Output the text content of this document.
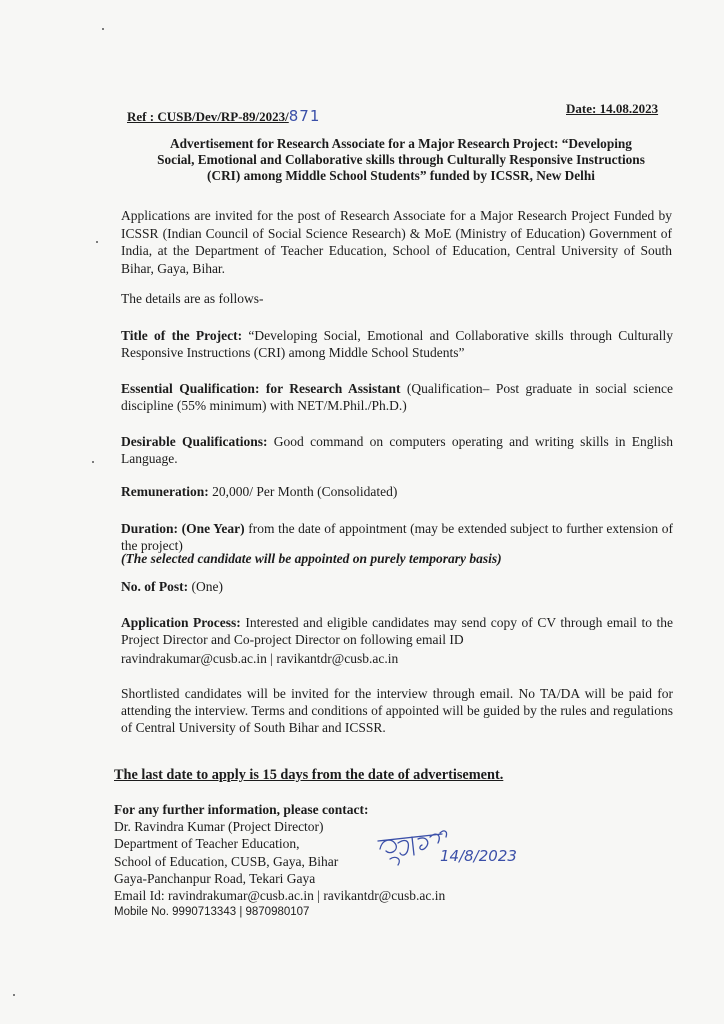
Ref : CUSB/Dev/RP-89/2023/871	Date: 14.08.2023
Advertisement for Research Associate for a Major Research Project: “Developing
Social, Emotional and Collaborative skills through Culturally Responsive Instructions
(CRI) among Middle School Students” funded by ICSSR, New Delhi
Applications are invited for the post of Research Associate for a Major Research Project Funded by ICSSR (Indian Council of Social Science Research) & MoE (Ministry of Education) Government of India, at the Department of Teacher Education, School of Education, Central University of South Bihar, Gaya, Bihar.
The details are as follows-
Title of the Project: “Developing Social, Emotional and Collaborative skills through Culturally Responsive Instructions (CRI) among Middle School Students”
Essential Qualification: for Research Assistant (Qualification– Post graduate in social science discipline (55% minimum) with NET/M.Phil./Ph.D.)
Desirable Qualifications: Good command on computers operating and writing skills in English Language.
Remuneration: 20,000/ Per Month (Consolidated)
Duration: (One Year) from the date of appointment (may be extended subject to further extension of the project)
(The selected candidate will be appointed on purely temporary basis)
No. of Post: (One)
Application Process: Interested and eligible candidates may send copy of CV through email to the Project Director and Co-project Director on following email ID
ravindrakumar@cusb.ac.in | ravikantdr@cusb.ac.in
Shortlisted candidates will be invited for the interview through email. No TA/DA will be paid for attending the interview. Terms and conditions of appointed will be guided by the rules and regulations of Central University of South Bihar and ICSSR.
The last date to apply is 15 days from the date of advertisement.
For any further information, please contact:
Dr. Ravindra Kumar (Project Director)
Department of Teacher Education,
School of Education, CUSB, Gaya, Bihar
Gaya-Panchanpur Road, Tekari Gaya
Email Id: ravindrakumar@cusb.ac.in | ravikantdr@cusb.ac.in
Mobile No. 9990713343 | 9870980107
14/8/2023
